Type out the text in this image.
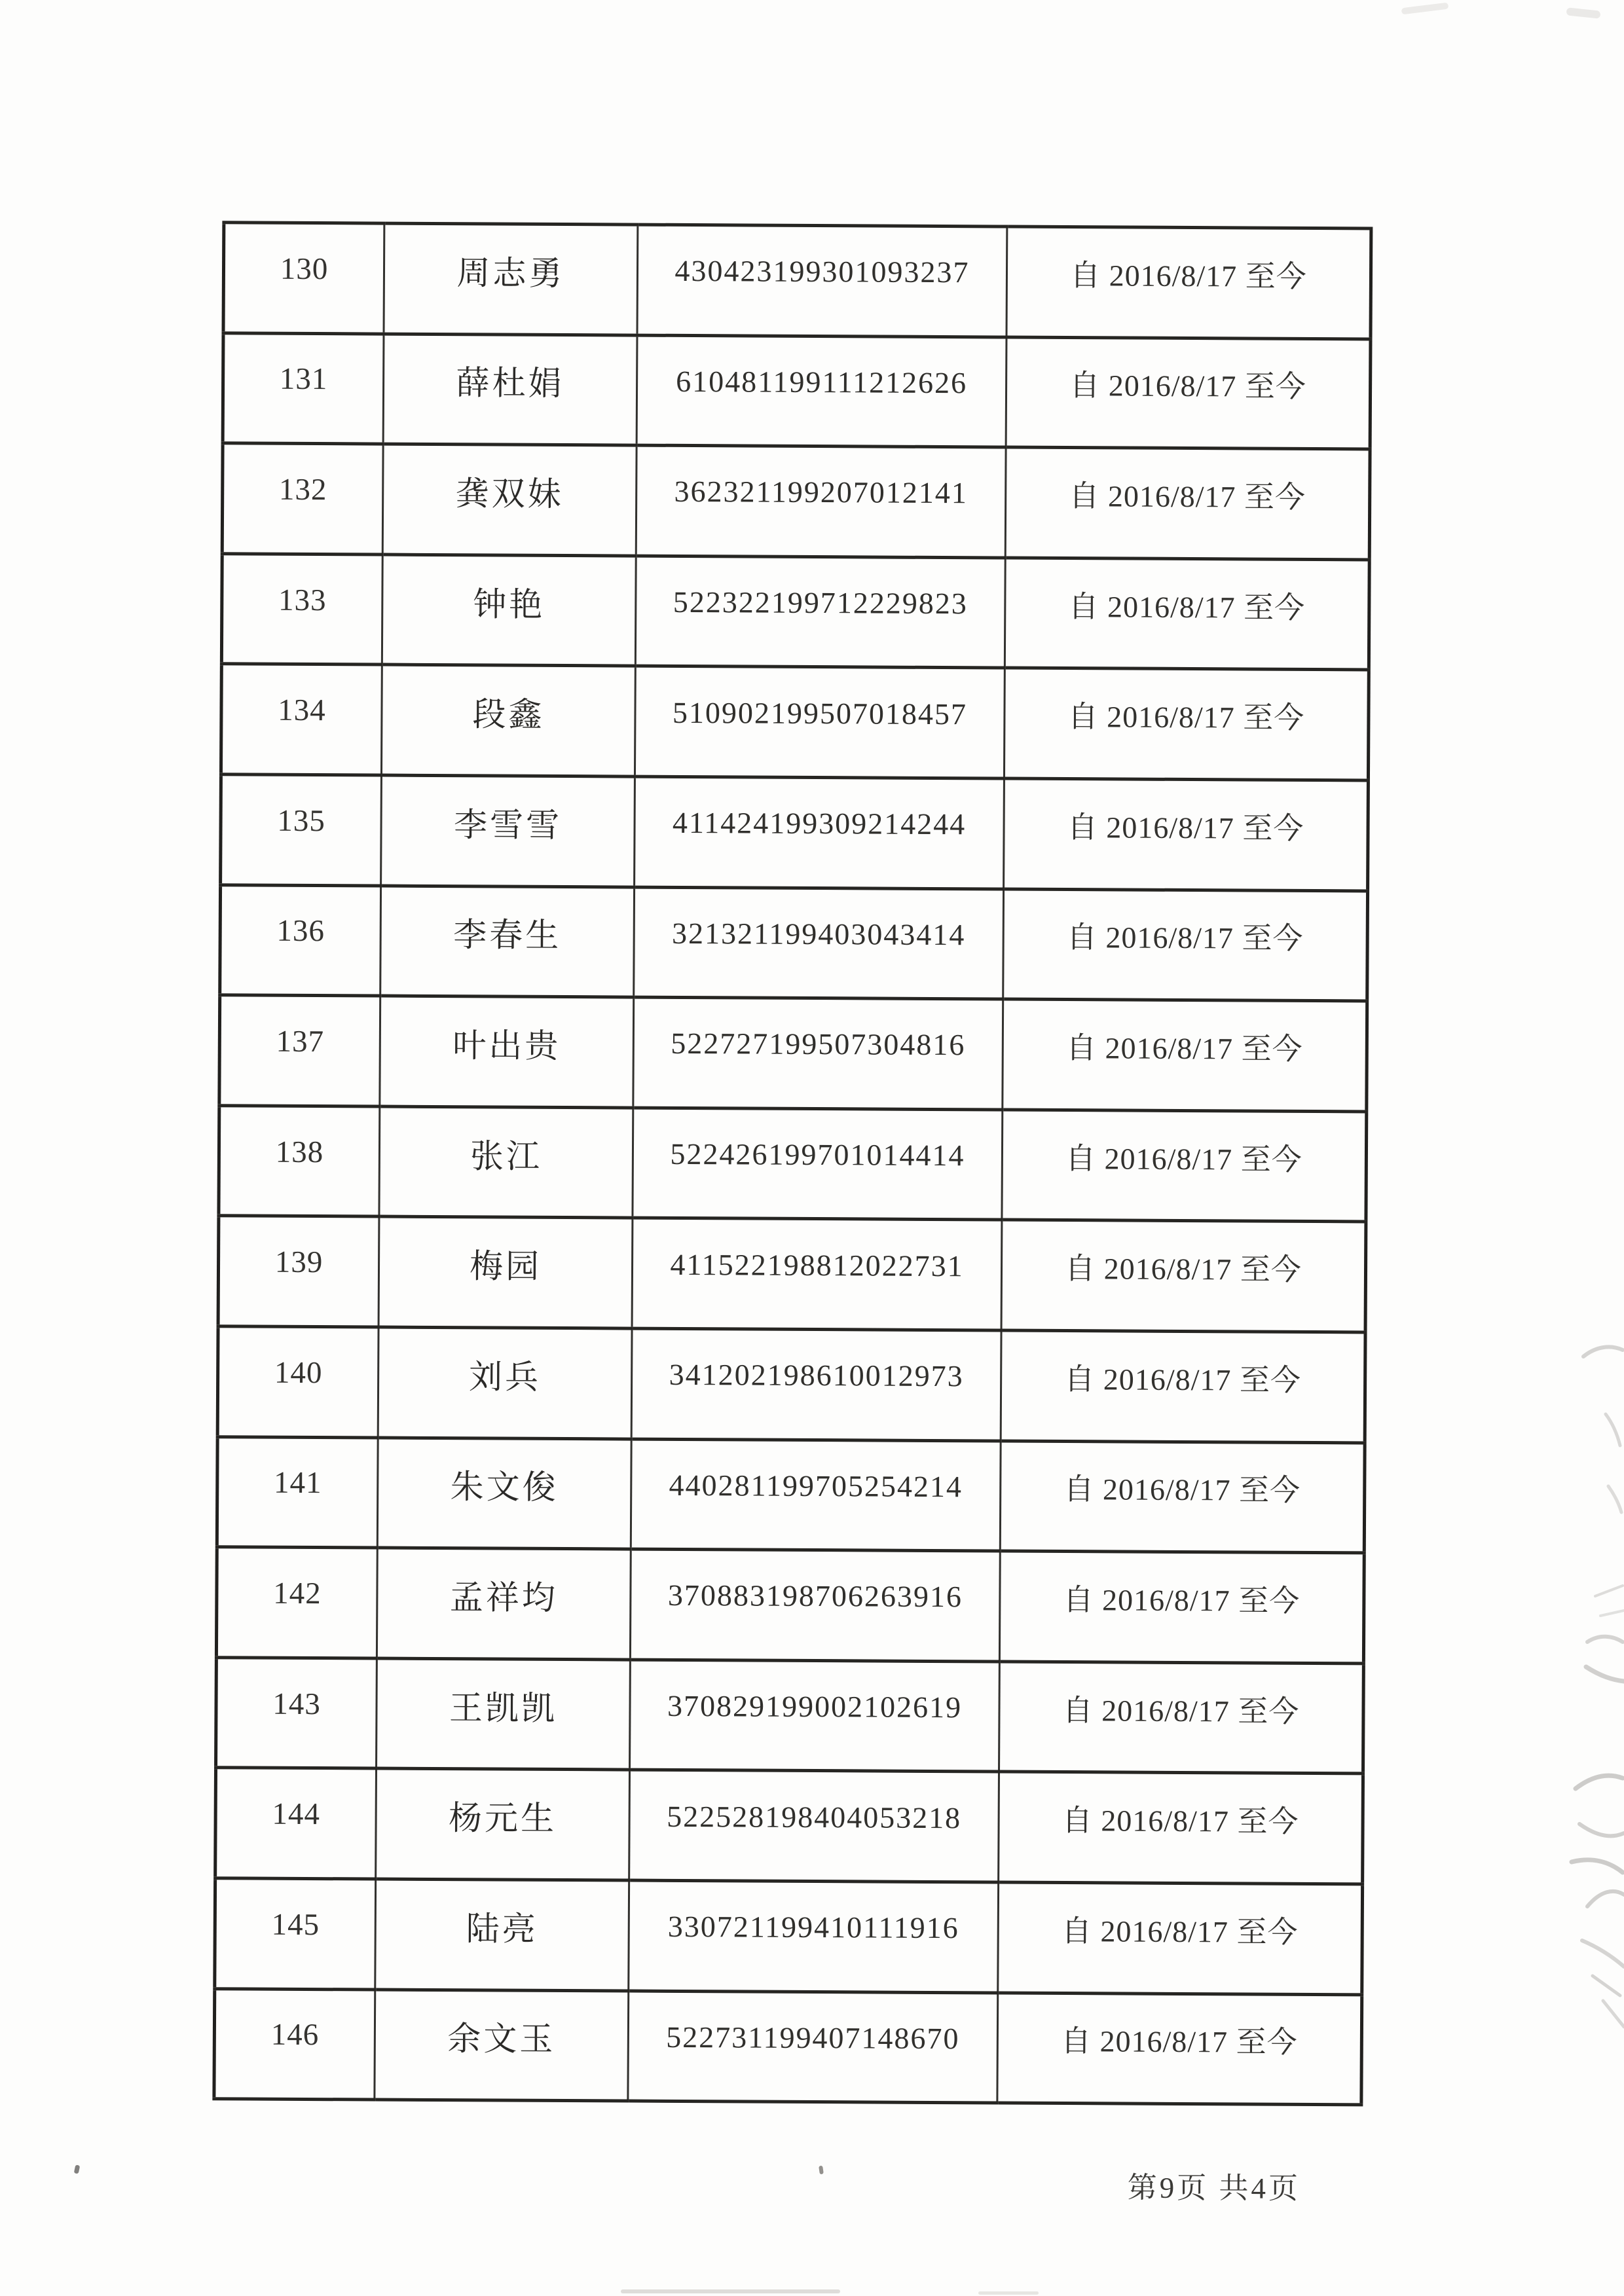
130	周志勇	430423199301093237	自 2016/8/17 至今
131	薛杜娟	610481199111212626	自 2016/8/17 至今
132	龚双妹	362321199207012141	自 2016/8/17 至今
133	钟艳	522322199712229823	自 2016/8/17 至今
134	段鑫	510902199507018457	自 2016/8/17 至今
135	李雪雪	411424199309214244	自 2016/8/17 至今
136	李春生	321321199403043414	自 2016/8/17 至今
137	叶出贵	522727199507304816	自 2016/8/17 至今
138	张江	522426199701014414	自 2016/8/17 至今
139	梅园	411522198812022731	自 2016/8/17 至今
140	刘兵	341202198610012973	自 2016/8/17 至今
141	朱文俊	440281199705254214	自 2016/8/17 至今
142	孟祥均	370883198706263916	自 2016/8/17 至今
143	王凯凯	370829199002102619	自 2016/8/17 至今
144	杨元生	522528198404053218	自 2016/8/17 至今
145	陆亮	330721199410111916	自 2016/8/17 至今
146	余文玉	522731199407148670	自 2016/8/17 至今
第9页 共4页
